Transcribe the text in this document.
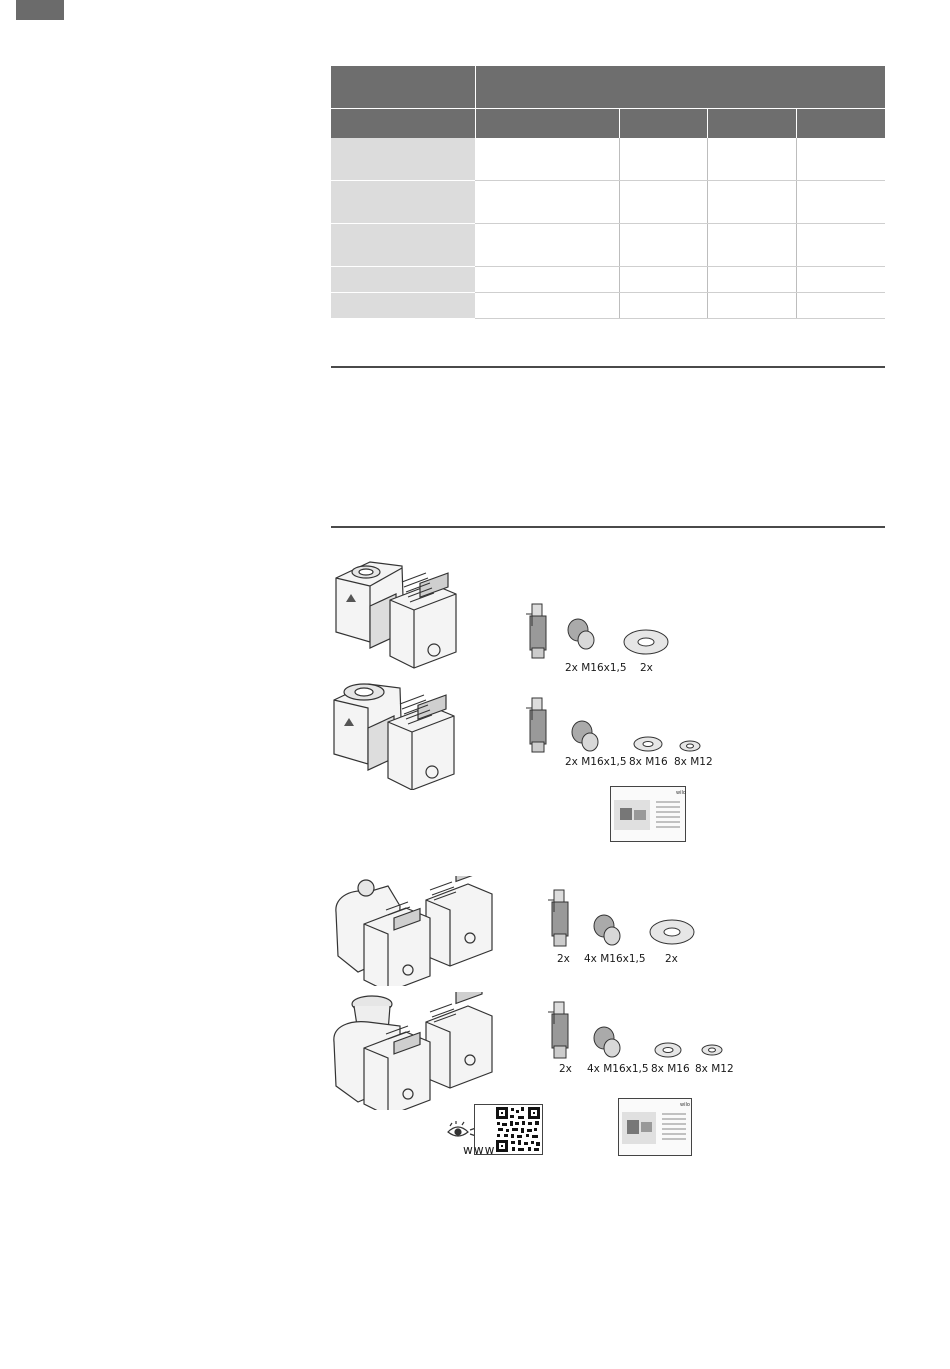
2x M16x1,5 2x
2x M16x1,5 8x M16 8x M12
wilo
2x 4x M16x1,5 2x
2x 4x M16x1,5 8x M16 8x M12
www
wilo
